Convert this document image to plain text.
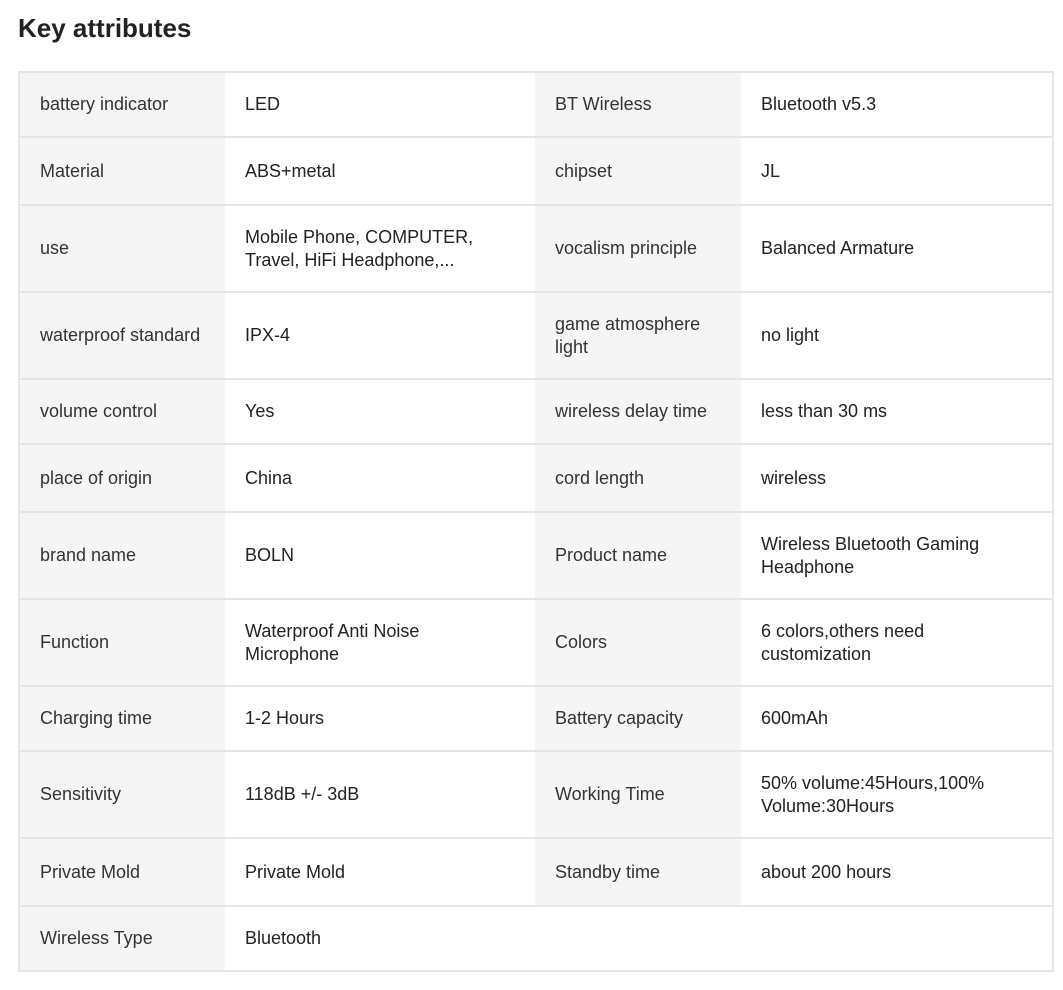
Key attributes
battery indicator	LED	BT Wireless	Bluetooth v5.3
Material	ABS+metal	chipset	JL
use	Mobile Phone, COMPUTER, Travel, HiFi Headphone,...	vocalism principle	Balanced Armature
waterproof standard	IPX-4	game atmosphere light	no light
volume control	Yes	wireless delay time	less than 30 ms
place of origin	China	cord length	wireless
brand name	BOLN	Product name	Wireless Bluetooth Gaming Headphone
Function	Waterproof Anti Noise Microphone	Colors	6 colors,others need customization
Charging time	1-2 Hours	Battery capacity	600mAh
Sensitivity	118dB +/- 3dB	Working Time	50% volume:45Hours,100% Volume:30Hours
Private Mold	Private Mold	Standby time	about 200 hours
Wireless Type	Bluetooth		
